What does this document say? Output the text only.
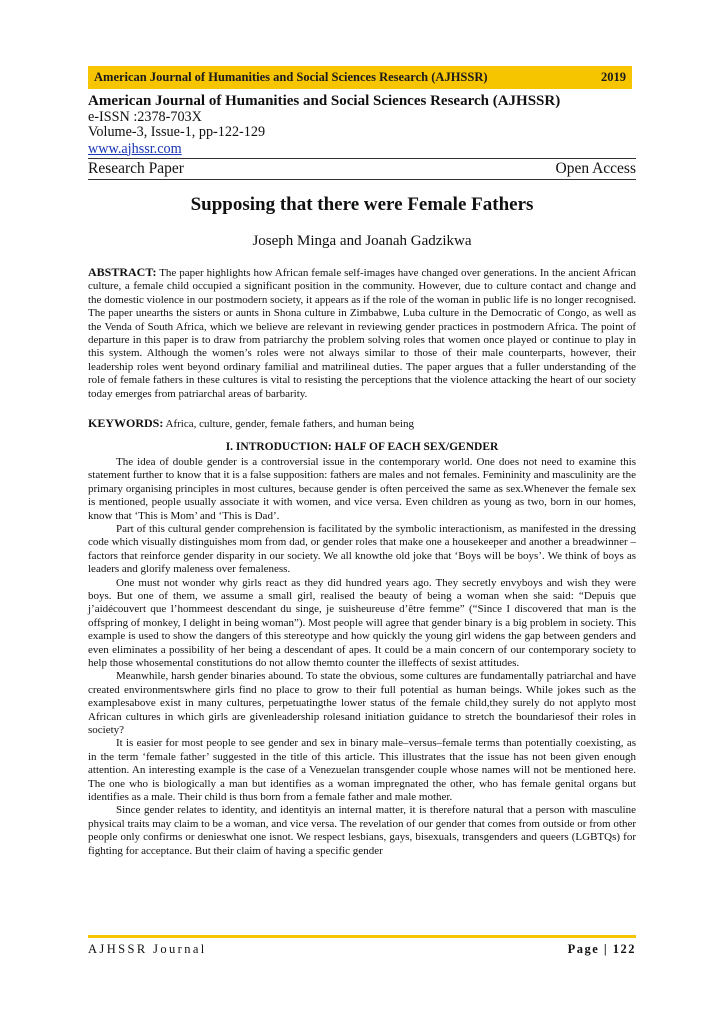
American Journal of Humanities and Social Sciences Research (AJHSSR)	2019
American Journal of Humanities and Social Sciences Research (AJHSSR)
e-ISSN :2378-703X
Volume-3, Issue-1, pp-122-129
www.ajhssr.com
Research Paper	Open Access
Supposing that there were Female Fathers
Joseph Minga and Joanah Gadzikwa

ABSTRACT: The paper highlights how African female self-images have changed over generations. In the ancient African culture, a female child occupied a significant position in the community. However, due to culture contact and change and the domestic violence in our postmodern society, it appears as if the role of the woman in public life is no longer recognised. The paper unearths the sisters or aunts in Shona culture in Zimbabwe, Luba culture in the Democratic of Congo, as well as the Venda of South Africa, which we believe are relevant in reviewing gender practices in postmodern Africa. The point of departure in this paper is to draw from patriarchy the problem solving roles that women once played or continue to play in this system. Although the women’s roles were not always similar to those of their male counterparts, however, their leadership roles went beyond ordinary familial and matrilineal duties. The paper argues that a fuller understanding of the role of female fathers in these cultures is vital to resisting the perceptions that the violence attacking the heart of our society today emerges from patriarchal areas of barbarity.

KEYWORDS: Africa, culture, gender, female fathers, and human being

I. INTRODUCTION: HALF OF EACH SEX/GENDER

The idea of double gender is a controversial issue in the contemporary world. One does not need to examine this statement further to know that it is a false supposition: fathers are males and not females. Femininity and masculinity are the primary organising principles in most cultures, because gender is often perceived the same as sex.Whenever the female sex is mentioned, people usually associate it with women, and vice versa. Even children as young as two, born in our homes, know that ‘This is Mom’ and ‘This is Dad’.

Part of this cultural gender comprehension is facilitated by the symbolic interactionism, as manifested in the dressing code which visually distinguishes mom from dad, or gender roles that make one a housekeeper and another a breadwinner – factors that reinforce gender disparity in our society. We all knowthe old joke that ‘Boys will be boys’. We think of boys as leaders and glorify maleness over femaleness.

One must not wonder why girls react as they did hundred years ago. They secretly envyboys and wish they were boys. But one of them, we assume a small girl, realised the beauty of being a woman when she said: “Depuis que j’aidécouvert que l’hommeest descendant du singe, je suisheureuse d’être femme” (“Since I discovered that man is the offspring of monkey, I delight in being woman”). Most people will agree that gender binary is a big problem in society. This example is used to show the dangers of this stereotype and how quickly the young girl widens the gap between genders and even eliminates a possibility of her being a descendant of apes. It could be a main concern of our contemporary society to help those whosemental constitutions do not allow themto counter the illeffects of sexist attitudes.

Meanwhile, harsh gender binaries abound. To state the obvious, some cultures are fundamentally patriarchal and have created environmentswhere girls find no place to grow to their full potential as human beings. While jokes such as the examplesabove exist in many cultures, perpetuatingthe lower status of the female child,they surely do not applyto most African cultures in which girls are givenleadership rolesand initiation guidance to stretch the boundariesof their roles in society?

It is easier for most people to see gender and sex in binary male–versus–female terms than potentially coexisting, as in the term ‘female father’ suggested in the title of this article. This illustrates that the issue has not been given enough attention. An interesting example is the case of a Venezuelan transgender couple whose names will not be mentioned here. The one who is biologically a man but identifies as a woman impregnated the other, who has female genital organs but identifies as a male. Their child is thus born from a female father and male mother.

Since gender relates to identity, and identityis an internal matter, it is therefore natural that a person with masculine physical traits may claim to be a woman, and vice versa. The revelation of our gender that comes from outside or from other people only confirms or denieswhat one isnot. We respect lesbians, gays, bisexuals, transgenders and queers (LGBTQs) for fighting for acceptance. But their claim of having a specific gender

AJHSSR Journal	Page | 122
